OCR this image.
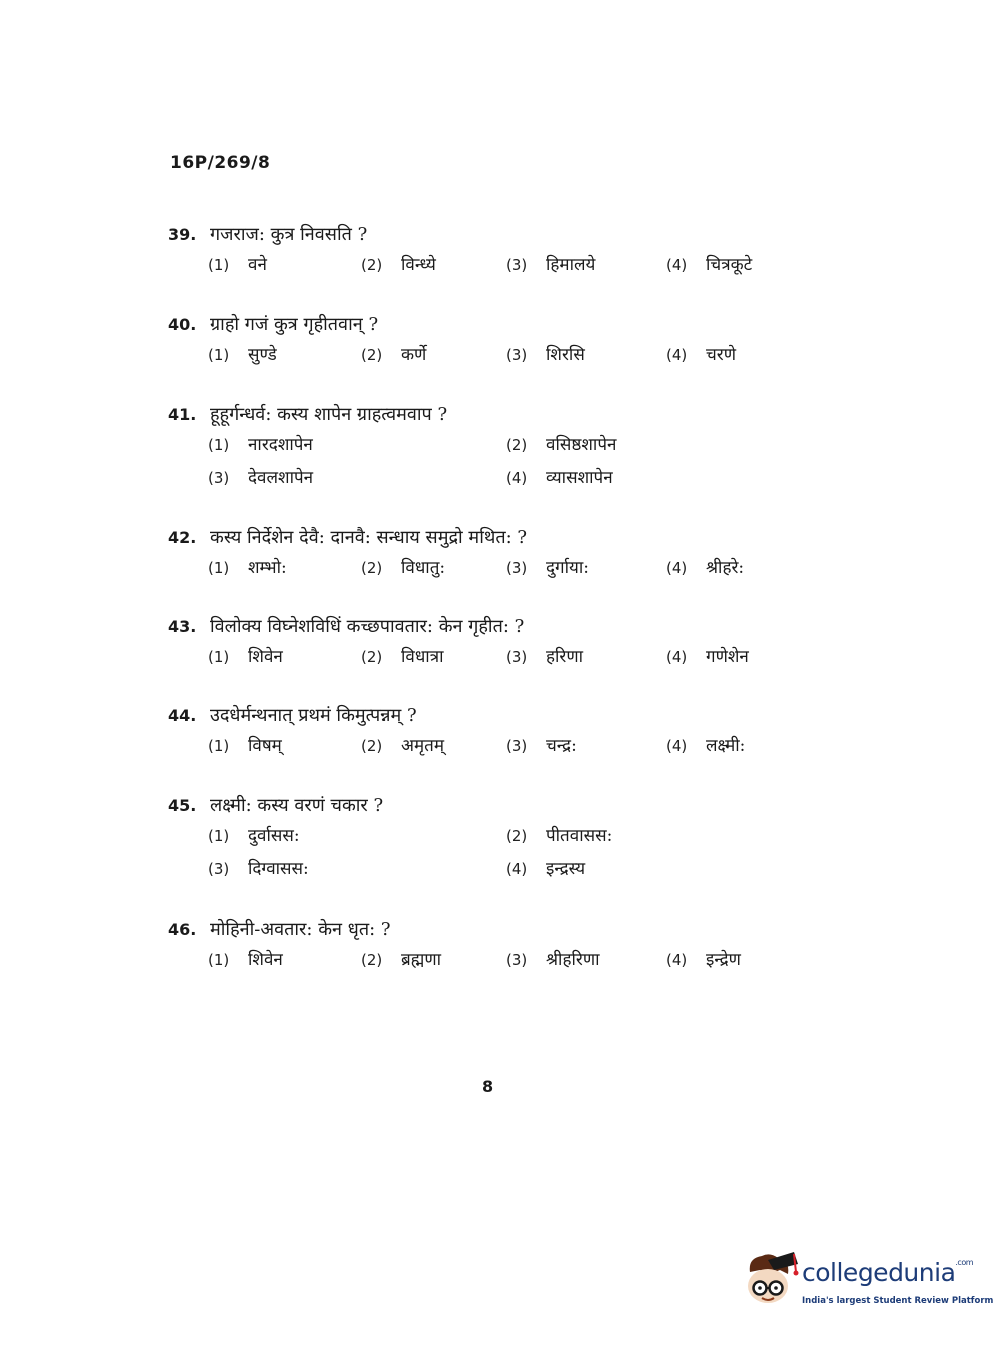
16P/269/8
39. गजराज: कुत्र निवसति ?
(1) वने	(2) विन्ध्ये	(3) हिमालये	(4) चित्रकूटे
40. ग्राहो गजं कुत्र गृहीतवान् ?
(1) सुण्डे	(2) कर्णे	(3) शिरसि	(4) चरणे
41. हूहूर्गन्धर्व: कस्य शापेन ग्राहत्वमवाप ?
(1) नारदशापेन	(2) वसिष्ठशापेन
(3) देवलशापेन	(4) व्यासशापेन
42. कस्य निर्देशेन देवै: दानवै: सन्धाय समुद्रो मथित: ?
(1) शम्भो:	(2) विधातु:	(3) दुर्गाया:	(4) श्रीहरे:
43. विलोक्य विघ्नेशविधिं कच्छपावतार: केन गृहीत: ?
(1) शिवेन	(2) विधात्रा	(3) हरिणा	(4) गणेशेन
44. उदधेर्मन्थनात् प्रथमं किमुत्पन्नम् ?
(1) विषम्	(2) अमृतम्	(3) चन्द्र:	(4) लक्ष्मी:
45. लक्ष्मी: कस्य वरणं चकार ?
(1) दुर्वासस:	(2) पीतवासस:
(3) दिग्वासस:	(4) इन्द्रस्य
46. मोहिनी-अवतार: केन धृत: ?
(1) शिवेन	(2) ब्रह्मणा	(3) श्रीहरिणा	(4) इन्द्रेण
8
collegedunia$^{.com}$
India's largest Student Review Platform
